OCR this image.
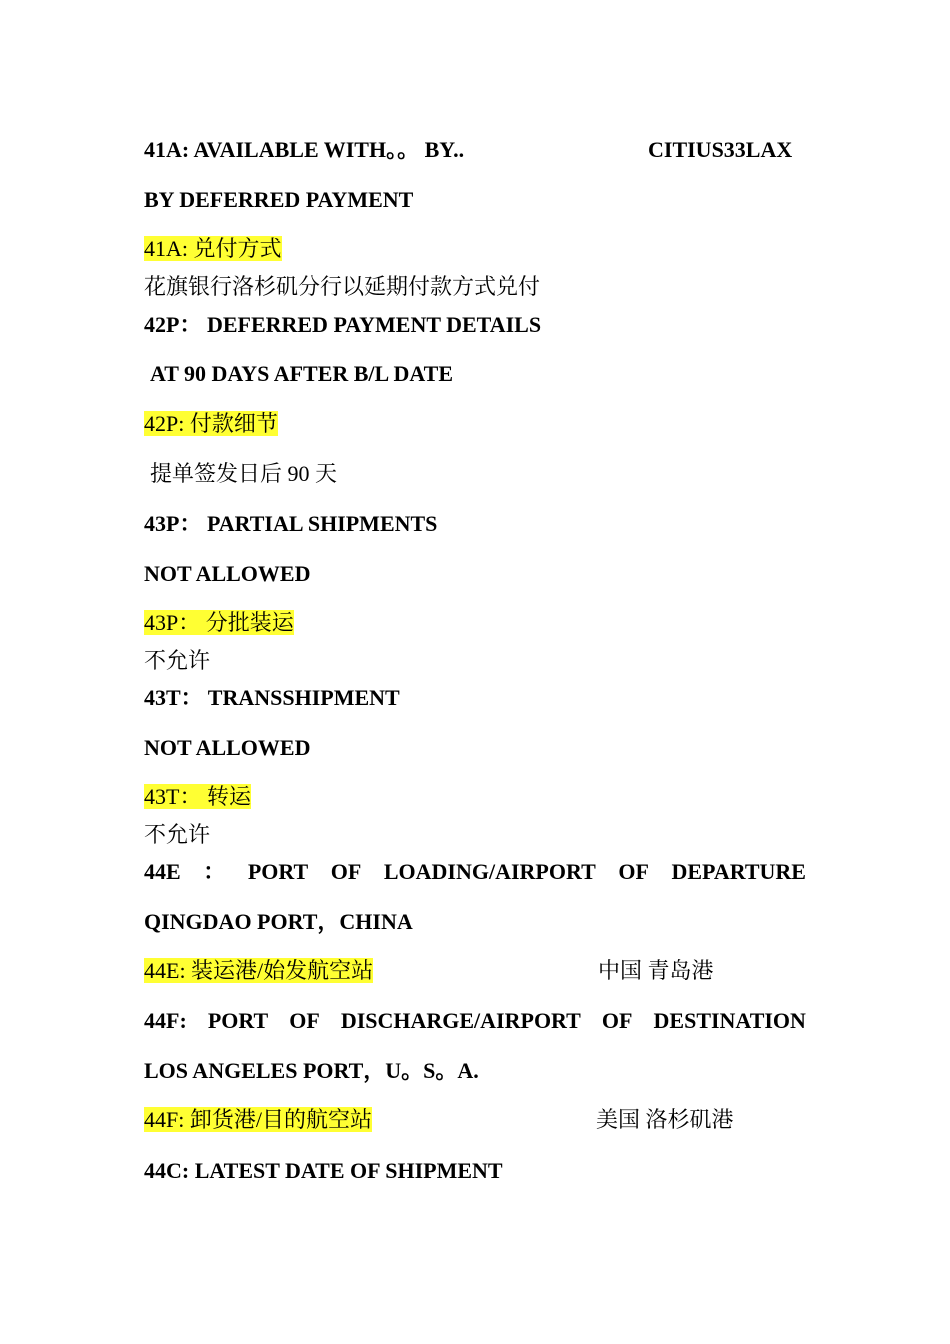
41A: AVAILABLE WITH。。 BY..	CITIUS33LAX
BY DEFERRED PAYMENT
41A: 兑付方式
花旗银行洛杉矶分行以延期付款方式兑付
42P： DEFERRED PAYMENT DETAILS
AT 90 DAYS AFTER B/L DATE
42P: 付款细节
提单签发日后 90 天
43P： PARTIAL SHIPMENTS
NOT ALLOWED
43P： 分批装运
不允许
43T： TRANSSHIPMENT
NOT ALLOWED
43T： 转运
不允许
44E ： PORT OF LOADING/AIRPORT OF DEPARTURE
QINGDAO PORT，CHINA
44E: 装运港/始发航空站	中国 青岛港
44F: PORT OF DISCHARGE/AIRPORT OF DESTINATION
LOS ANGELES PORT，U。S。A.
44F: 卸货港/目的航空站	美国 洛杉矶港
44C: LATEST DATE OF SHIPMENT
